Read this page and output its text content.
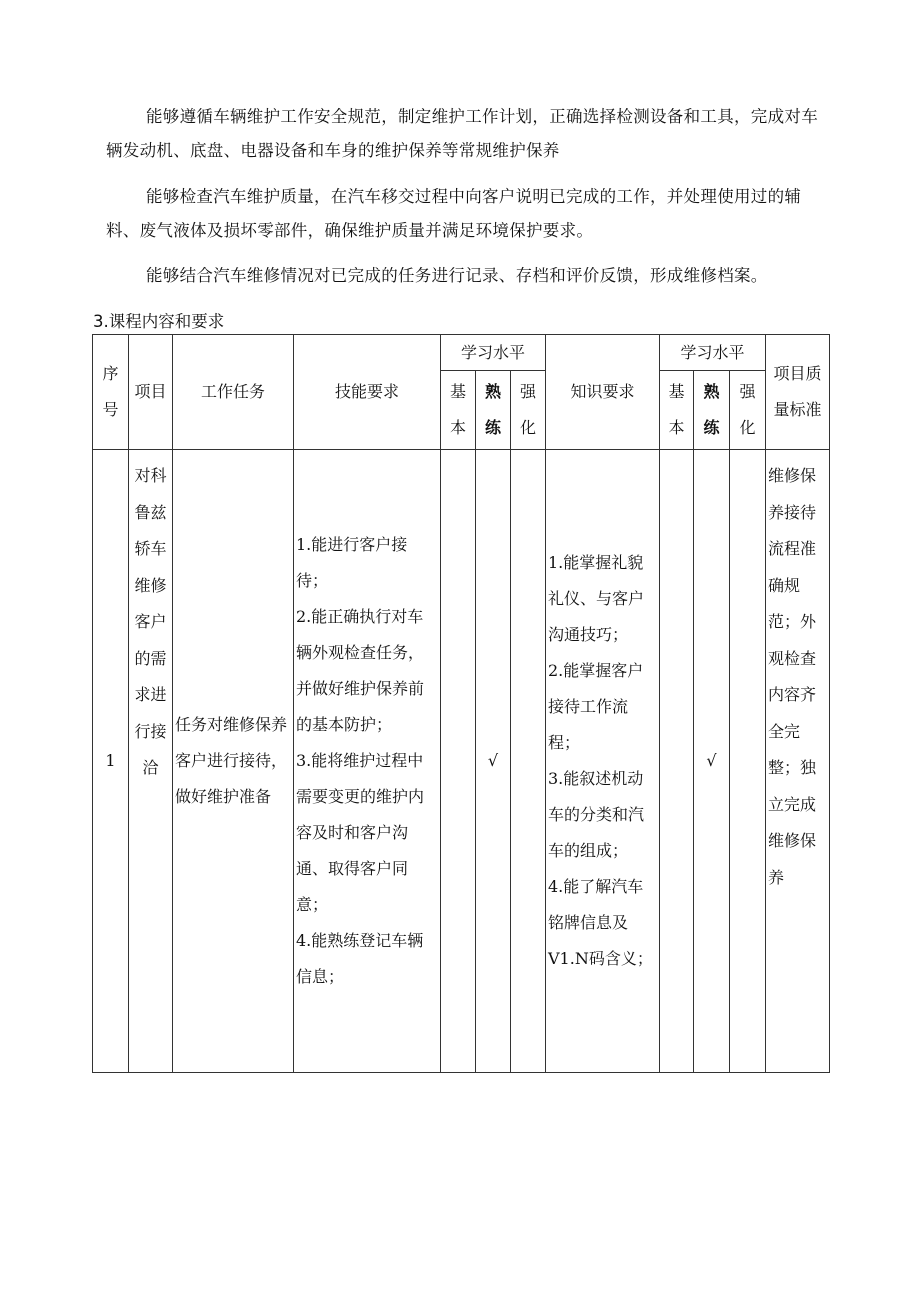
能够遵循车辆维护工作安全规范，制定维护工作计划，正确选择检测设备和工具，完成对车辆发动机、底盘、电器设备和车身的维护保养等常规维护保养

能够检查汽车维护质量，在汽车移交过程中向客户说明已完成的工作，并处理使用过的辅料、废气液体及损坏零部件，确保维护质量并满足环境保护要求。

能够结合汽车维修情况对已完成的任务进行记录、存档和评价反馈，形成维修档案。

3.课程内容和要求
序号	项目	工作任务	技能要求	学习水平			知识要求	学习水平			项目质量标准
				基本	熟练	强化		基本	熟练	强化	
1	对科鲁兹轿车维修客户的需求进行接洽	任务对维修保养客户进行接待，做好维护准备	1.能进行客户接待；
2.能正确执行对车辆外观检查任务，并做好维护保养前的基本防护；
3.能将维护过程中需要变更的维护内容及时和客户沟通、取得客户同意；
4.能熟练登记车辆信息；		√		1.能掌握礼貌礼仪、与客户沟通技巧；
2.能掌握客户接待工作流程；
3.能叙述机动车的分类和汽车的组成；
4.能了解汽车铭牌信息及V1.N码含义；		√		维修保养接待流程准确规范；外观检查内容齐全完整；独立完成维修保养
